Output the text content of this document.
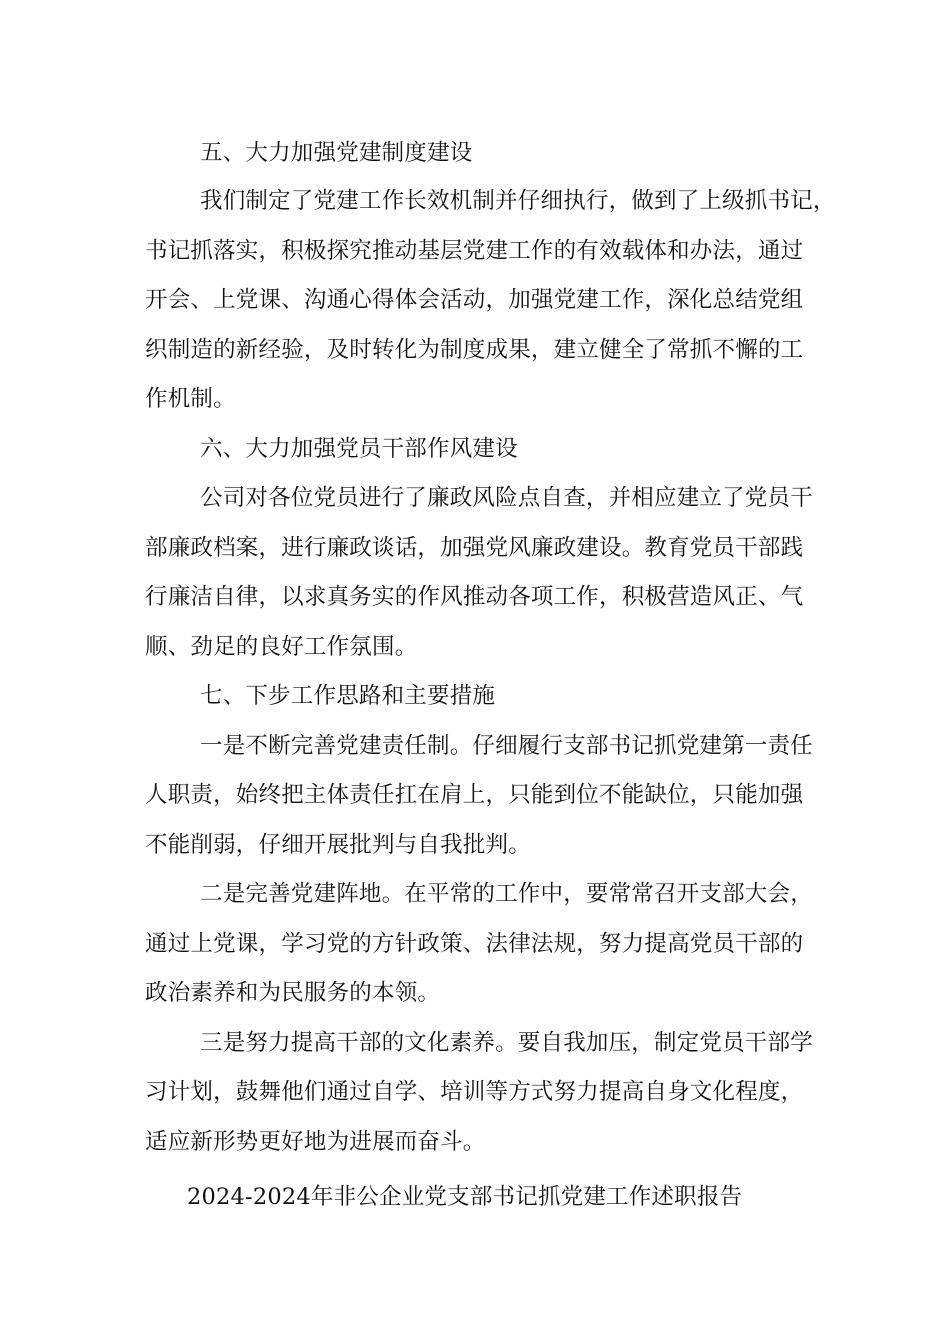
五、大力加强党建制度建设
我们制定了党建工作长效机制并仔细执行，做到了上级抓书记，
书记抓落实，积极探究推动基层党建工作的有效载体和办法，通过
开会、上党课、沟通心得体会活动，加强党建工作，深化总结党组
织制造的新经验，及时转化为制度成果，建立健全了常抓不懈的工
作机制。
六、大力加强党员干部作风建设
公司对各位党员进行了廉政风险点自查，并相应建立了党员干
部廉政档案，进行廉政谈话，加强党风廉政建设。教育党员干部践
行廉洁自律，以求真务实的作风推动各项工作，积极营造风正、气
顺、劲足的良好工作氛围。
七、下步工作思路和主要措施
一是不断完善党建责任制。仔细履行支部书记抓党建第一责任
人职责，始终把主体责任扛在肩上，只能到位不能缺位，只能加强
不能削弱，仔细开展批判与自我批判。
二是完善党建阵地。在平常的工作中，要常常召开支部大会，
通过上党课，学习党的方针政策、法律法规，努力提高党员干部的
政治素养和为民服务的本领。
三是努力提高干部的文化素养。要自我加压，制定党员干部学
习计划，鼓舞他们通过自学、培训等方式努力提高自身文化程度，
适应新形势更好地为进展而奋斗。
2024-2024年非公企业党支部书记抓党建工作述职报告
